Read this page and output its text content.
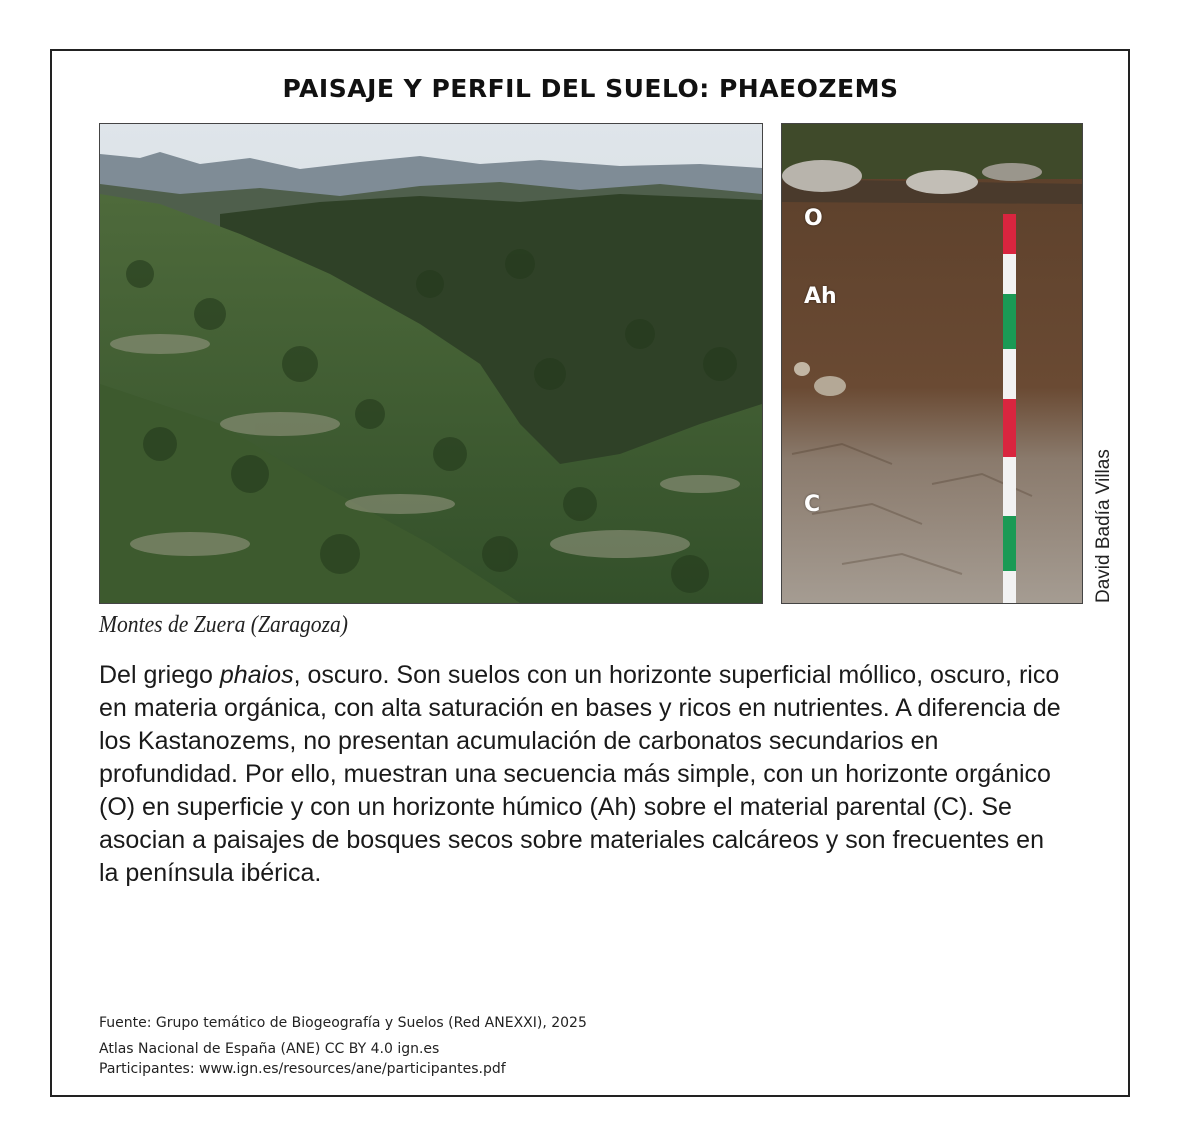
PAISAJE Y PERFIL DEL SUELO: PHAEOZEMS
Montes de Zuera (Zaragoza)
O
Ah
C	David Badía Villas
Del griego phaios, oscuro. Son suelos con un horizonte superficial móllico, oscuro, rico en materia orgánica, con alta saturación en bases y ricos en nutrientes. A diferencia de los Kastanozems, no presentan acumulación de carbonatos secundarios en profundidad. Por ello, muestran una secuencia más simple, con un horizonte orgánico (O) en superficie y con un horizonte húmico (Ah) sobre el material parental (C). Se asocian a paisajes de bosques secos sobre materiales calcáreos y son frecuentes en la península ibérica.
Fuente: Grupo temático de Biogeografía y Suelos (Red ANEXXI), 2025
Atlas Nacional de España (ANE) CC BY 4.0 ign.es
Participantes: www.ign.es/resources/ane/participantes.pdf
